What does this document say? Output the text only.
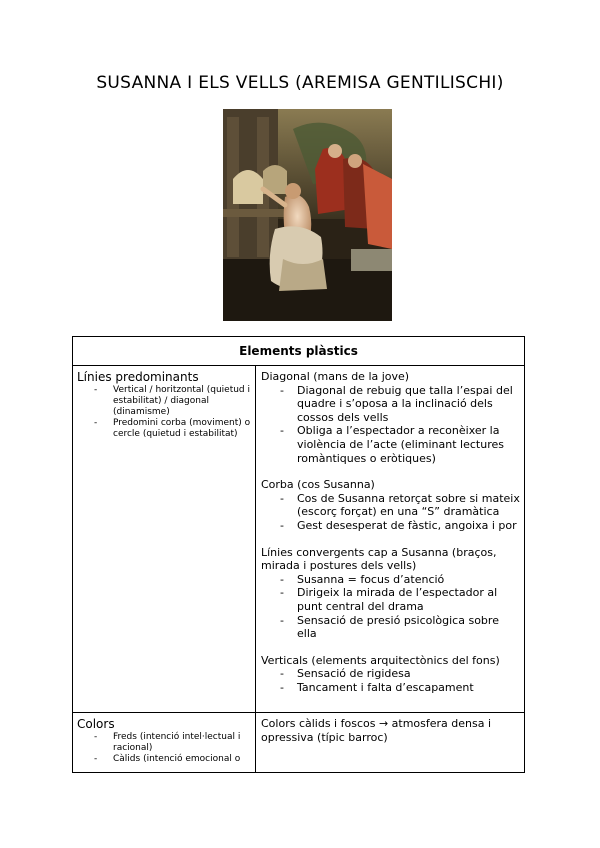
SUSANNA I ELS VELLS (AREMISA GENTILISCHI)
Elements plàstics
Línies predominants
- Vertical / horitzontal (quietud i estabilitat) / diagonal (dinamisme)
- Predomini corba (moviment) o cercle (quietud i estabilitat)
Diagonal (mans de la jove)
- Diagonal de rebuig que talla l’espai del quadre i s’oposa a la inclinació dels cossos dels vells
- Obliga a l’espectador a reconèixer la violència de l’acte (eliminant lectures romàntiques o eròtiques)
Corba (cos Susanna)
- Cos de Susanna retorçat sobre si mateix (escorç forçat) en una “S” dramàtica
- Gest desesperat de fàstic, angoixa i por
Línies convergents cap a Susanna (braços, mirada i postures dels vells)
- Susanna = focus d’atenció
- Dirigeix la mirada de l’espectador al punt central del drama
- Sensació de presió psicològica sobre ella
Verticals (elements arquitectònics del fons)
- Sensació de rigidesa
- Tancament i falta d’escapament
Colors
- Freds (intenció intel·lectual i racional)
- Càlids (intenció emocional o
Colors càlids i foscos → atmosfera densa i opressiva (típic barroc)
